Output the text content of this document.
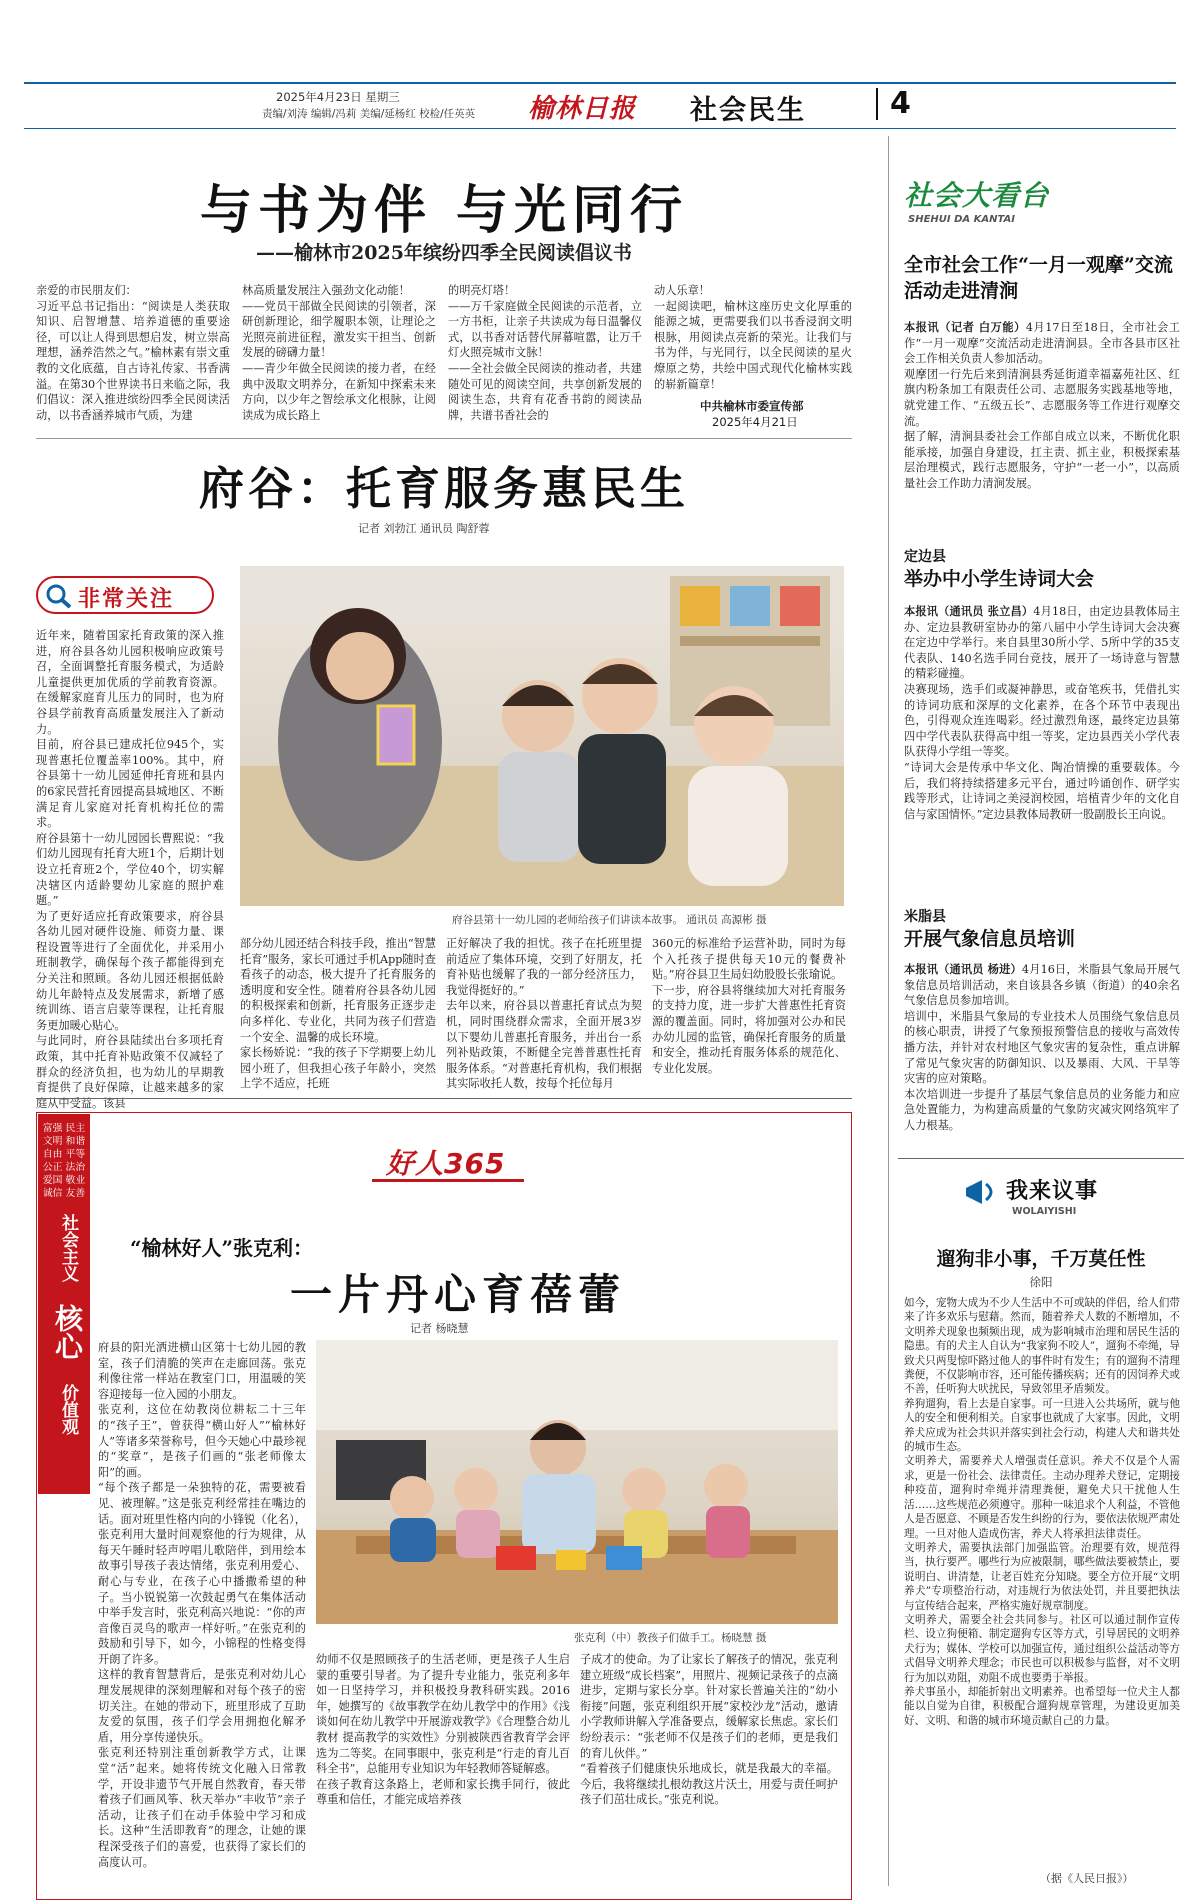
2025年4月23日 星期三
责编/刘涛 编辑/冯莉 美编/延杨红 校检/任英英 榆林日报 社会民生	4
与书为伴 与光同行
——榆林市2025年缤纷四季全民阅读倡议书
亲爱的市民朋友们：
习近平总书记指出：“阅读是人类获取知识、启智增慧、培养道德的重要途径，可以让人得到思想启发，树立崇高理想，涵养浩然之气。”榆林素有崇文重教的文化底蕴，自古诗礼传家、书香满溢。在第30个世界读书日来临之际，我们倡议：深入推进缤纷四季全民阅读活动，以书香涵养城市气质，为建
林高质量发展注入强劲文化动能！
——党员干部做全民阅读的引领者，深研创新理论，细学履职本领，让理论之光照亮前进征程，激发实干担当、创新发展的磅礴力量！
——青少年做全民阅读的接力者，在经典中汲取文明养分，在新知中探索未来方向，以少年之智绘承文化根脉，让阅读成为成长路上
的明亮灯塔！
——万千家庭做全民阅读的示范者，立一方书柜，让亲子共读成为每日温馨仪式，以书香对话替代屏幕喧嚣，让万千灯火照亮城市文脉！
——全社会做全民阅读的推动者，共建随处可见的阅读空间，共享创新发展的阅读生态，共育有花香书韵的阅读品牌，共谱书香社会的
动人乐章！
一起阅读吧，榆林这座历史文化厚重的能源之城，更需要我们以书香浸润文明根脉，用阅读点亮新的荣光。让我们与书为伴，与光同行，以全民阅读的星火燎原之势，共绘中国式现代化榆林实践的崭新篇章！
中共榆林市委宣传部
2025年4月21日
府谷：托育服务惠民生
记者 刘勃江 通讯员 陶舒蓉
非常关注
府谷县第十一幼儿园的老师给孩子们讲读本故事。 通讯员 高源彬 摄
近年来，随着国家托育政策的深入推进，府谷县各幼儿园积极响应政策号召，全面调整托育服务模式，为适龄儿童提供更加优质的学前教育资源。在缓解家庭育儿压力的同时，也为府谷县学前教育高质量发展注入了新动力。
目前，府谷县已建成托位945个，实现普惠托位覆盖率100%。其中，府谷县第十一幼儿园延伸托育班和县内的6家民营托育园提高县城地区、不断满足育儿家庭对托育机构托位的需求。
府谷县第十一幼儿园园长曹熙说：“我们幼儿园现有托育大班1个，后期计划设立托育班2个，学位40个，切实解决辖区内适龄婴幼儿家庭的照护难题。”
为了更好适应托育政策要求，府谷县各幼儿园对硬件设施、师资力量、课程设置等进行了全面优化，并采用小班制教学，确保每个孩子都能得到充分关注和照顾。各幼儿园还根据低龄幼儿年龄特点及发展需求，新增了感统训练、语言启蒙等课程，让托育服务更加暖心贴心。
与此同时，府谷县陆续出台多项托育政策，其中托育补贴政策不仅减轻了群众的经济负担，也为幼儿的早期教育提供了良好保障，让越来越多的家庭从中受益。该县
部分幼儿园还结合科技手段，推出“智慧托育”服务，家长可通过手机App随时查看孩子的动态，极大提升了托育服务的透明度和安全性。随着府谷县各幼儿园的积极探索和创新，托育服务正逐步走向多样化、专业化，共同为孩子们营造一个安全、温馨的成长环境。
家长杨娇说：“我的孩子下学期要上幼儿园小班了，但我担心孩子年龄小，突然上学不适应，托班
正好解决了我的担忧。孩子在托班里提前适应了集体环境，交到了好朋友，托育补贴也缓解了我的一部分经济压力，我觉得挺好的。”
去年以来，府谷县以普惠托育试点为契机，同时围绕群众需求，全面开展3岁以下婴幼儿普惠托育服务，并出台一系列补贴政策，不断健全完善普惠性托育服务体系。“对普惠托育机构，我们根据其实际收托人数，按每个托位每月
360元的标准给予运营补助，同时为每个入托孩子提供每天10元的餐费补贴。”府谷县卫生局妇幼股股长张瑜说。
下一步，府谷县将继续加大对托育服务的支持力度，进一步扩大普惠性托育资源的覆盖面。同时，将加强对公办和民办幼儿园的监管，确保托育服务的质量和安全，推动托育服务体系的规范化、专业化发展。
富强 民主
文明 和谐
自由 平等
公正 法治
爱国 敬业
诚信 友善
社会主义
核心
价值观
好人365
“榆林好人”张克利：
一片丹心育蓓蕾
记者 杨晓慧
张克利（中）教孩子们做手工。杨晓慧 摄
府县的阳光洒进横山区第十七幼儿园的教室，孩子们清脆的笑声在走廊回荡。张克利像往常一样站在教室门口，用温暖的笑容迎接每一位入园的小朋友。
张克利，这位在幼教岗位耕耘二十三年的“孩子王”，曾获得“横山好人”“榆林好人”等诸多荣誉称号，但今天她心中最珍视的“奖章”，是孩子们画的“张老师像太阳”的画。
“每个孩子都是一朵独特的花，需要被看见、被理解。”这是张克利经常挂在嘴边的话。面对班里性格内向的小锋锐（化名），张克利用大量时间观察他的行为规律，从每天午睡时轻声哼唱儿歌陪伴，到用绘本故事引导孩子表达情绪，张克利用爱心、耐心与专业，在孩子心中播撒希望的种子。当小锐锐第一次鼓起勇气在集体活动中举手发言时，张克利高兴地说：“你的声音像百灵鸟的歌声一样好听。”在张克利的鼓励和引导下，如今，小锦程的性格变得开朗了许多。
这样的教育智慧背后，是张克利对幼儿心理发展规律的深刻理解和对每个孩子的密切关注。在她的带动下，班里形成了互助友爱的氛围，孩子们学会用拥抱化解矛盾，用分享传递快乐。
张克利还特别注重创新教学方式，让课堂“活”起来。她将传统文化融入日常教学，开设非遗节气开展自然教育，春天带着孩子们画风筝、秋天举办“丰收节”亲子活动，让孩子们在动手体验中学习和成长。这种“生活即教育”的理念，让她的课程深受孩子们的喜爱，也获得了家长们的高度认可。
幼师不仅是照顾孩子的生活老师，更是孩子人生启蒙的重要引导者。为了提升专业能力，张克利多年如一日坚持学习，并积极投身教科研实践。2016年，她撰写的《故事教学在幼儿教学中的作用》《浅谈如何在幼儿教学中开展游戏教学》《合理整合幼儿教材 提高教学的实效性》分别被陕西省教育学会评选为二等奖。在同事眼中，张克利是“行走的育儿百科全书”，总能用专业知识为年轻教师答疑解惑。
在孩子教育这条路上，老师和家长携手同行，彼此尊重和信任，才能完成培养孩
子成才的使命。为了让家长了解孩子的情况，张克利建立班级“成长档案”，用照片、视频记录孩子的点滴进步，定期与家长分享。针对家长普遍关注的“幼小衔接”问题，张克利组织开展“家校沙龙”活动，邀请小学教师讲解入学准备要点，缓解家长焦虑。家长们纷纷表示：“张老师不仅是孩子们的老师，更是我们的育儿伙伴。”
“看着孩子们健康快乐地成长，就是我最大的幸福。今后，我将继续扎根幼教这片沃土，用爱与责任呵护孩子们茁壮成长。”张克利说。
社会大看台
SHEHUI DA KANTAI
全市社会工作“一月一观摩”交流活动走进清涧
本报讯（记者 白万能）4月17日至18日，全市社会工作“一月一观摩”交流活动走进清涧县。全市各县市区社会工作相关负责人参加活动。
观摩团一行先后来到清涧县秀延街道幸福嘉苑社区、红旗内粉条加工有限责任公司、志愿服务实践基地等地，就党建工作、“五级五长”、志愿服务等工作进行观摩交流。
据了解，清涧县委社会工作部自成立以来，不断优化职能承接，加强自身建设，扛主责、抓主业，积极探索基层治理模式，践行志愿服务，守护“一老一小”，以高质量社会工作助力清涧发展。
定边县
举办中小学生诗词大会
本报讯（通讯员 张立昌）4月18日，由定边县教体局主办、定边县教研室协办的第八届中小学生诗词大会决赛在定边中学举行。来自县里30所小学、5所中学的35支代表队、140名选手同台竞技，展开了一场诗意与智慧的精彩碰撞。
决赛现场，选手们或凝神静思，或奋笔疾书，凭借扎实的诗词功底和深厚的文化素养，在各个环节中表现出色，引得观众连连喝彩。经过激烈角逐，最终定边县第四中学代表队获得高中组一等奖，定边县西关小学代表队获得小学组一等奖。
“诗词大会是传承中华文化、陶冶情操的重要载体。今后，我们将持续搭建多元平台，通过吟诵创作、研学实践等形式，让诗词之美浸润校园，培植青少年的文化自信与家国情怀。”定边县教体局教研一股副股长王向说。
米脂县
开展气象信息员培训
本报讯（通讯员 杨进）4月16日，米脂县气象局开展气象信息员培训活动，来自该县各乡镇（街道）的40余名气象信息员参加培训。
培训中，米脂县气象局的专业技术人员围绕气象信息员的核心职责，讲授了气象预报预警信息的接收与高效传播方法，并针对农村地区气象灾害的复杂性，重点讲解了常见气象灾害的防御知识、以及暴雨、大风、干旱等灾害的应对策略。
本次培训进一步提升了基层气象信息员的业务能力和应急处置能力，为构建高质量的气象防灾减灾网络筑牢了人力根基。
我来议事
WOLAIYISHI
遛狗非小事，千万莫任性
徐阳
如今，宠物大成为不少人生活中不可或缺的伴侣，给人们带来了许多欢乐与慰藉。然而，随着养犬人数的不断增加，不文明养犬现象也频频出现，成为影响城市治理和居民生活的隐患。有的犬主人自认为“我家狗不咬人”，遛狗不牵绳，导致犬只两叟惊吓路过他人的事件时有发生；有的遛狗不清理粪便，不仅影响市容，还可能传播疾病；还有的因饲养犬或不善，任听狗大吠扰民，导致邻里矛盾频发。
养狗遛狗，看上去是自家事。可一旦进入公共场所，就与他人的安全和便利相关。自家事也就成了大家事。因此，文明养犬应成为社会共识并落实到社会行动，构建人犬和谐共处的城市生态。
文明养犬，需要养犬人增强责任意识。养犬不仅是个人需求，更是一份社会、法律责任。主动办理养犬登记，定期接种疫苗，遛狗时牵绳并清理粪便，避免犬只干扰他人生活……这些规范必须遵守。那种一味追求个人利益，不管他人是否愿意、不顾是否发生纠纷的行为，要依法依规严肃处理。一旦对他人造成伤害，养犬人将承担法律责任。
文明养犬，需要执法部门加强监管。治理要有效，规范得当，执行要严。哪些行为应被限制，哪些做法要被禁止，要说明白、讲清楚，让老百姓充分知晓。要全方位开展“文明养犬”专项整治行动，对违规行为依法处罚，并且要把执法与宣传结合起来，严格实施好规章制度。
文明养犬，需要全社会共同参与。社区可以通过制作宣传栏、设立狗便箱、制定遛狗专区等方式，引导居民的文明养犬行为；媒体、学校可以加强宣传，通过组织公益活动等方式倡导文明养犬理念；市民也可以积极参与监督，对不文明行为加以劝阻，劝阻不成也要勇于举报。
养犬事虽小，却能折射出文明素养。也希望每一位犬主人都能以自觉为自律，积极配合遛狗规章管理，为建设更加美好、文明、和谐的城市环境贡献自己的力量。
（据《人民日报》）
